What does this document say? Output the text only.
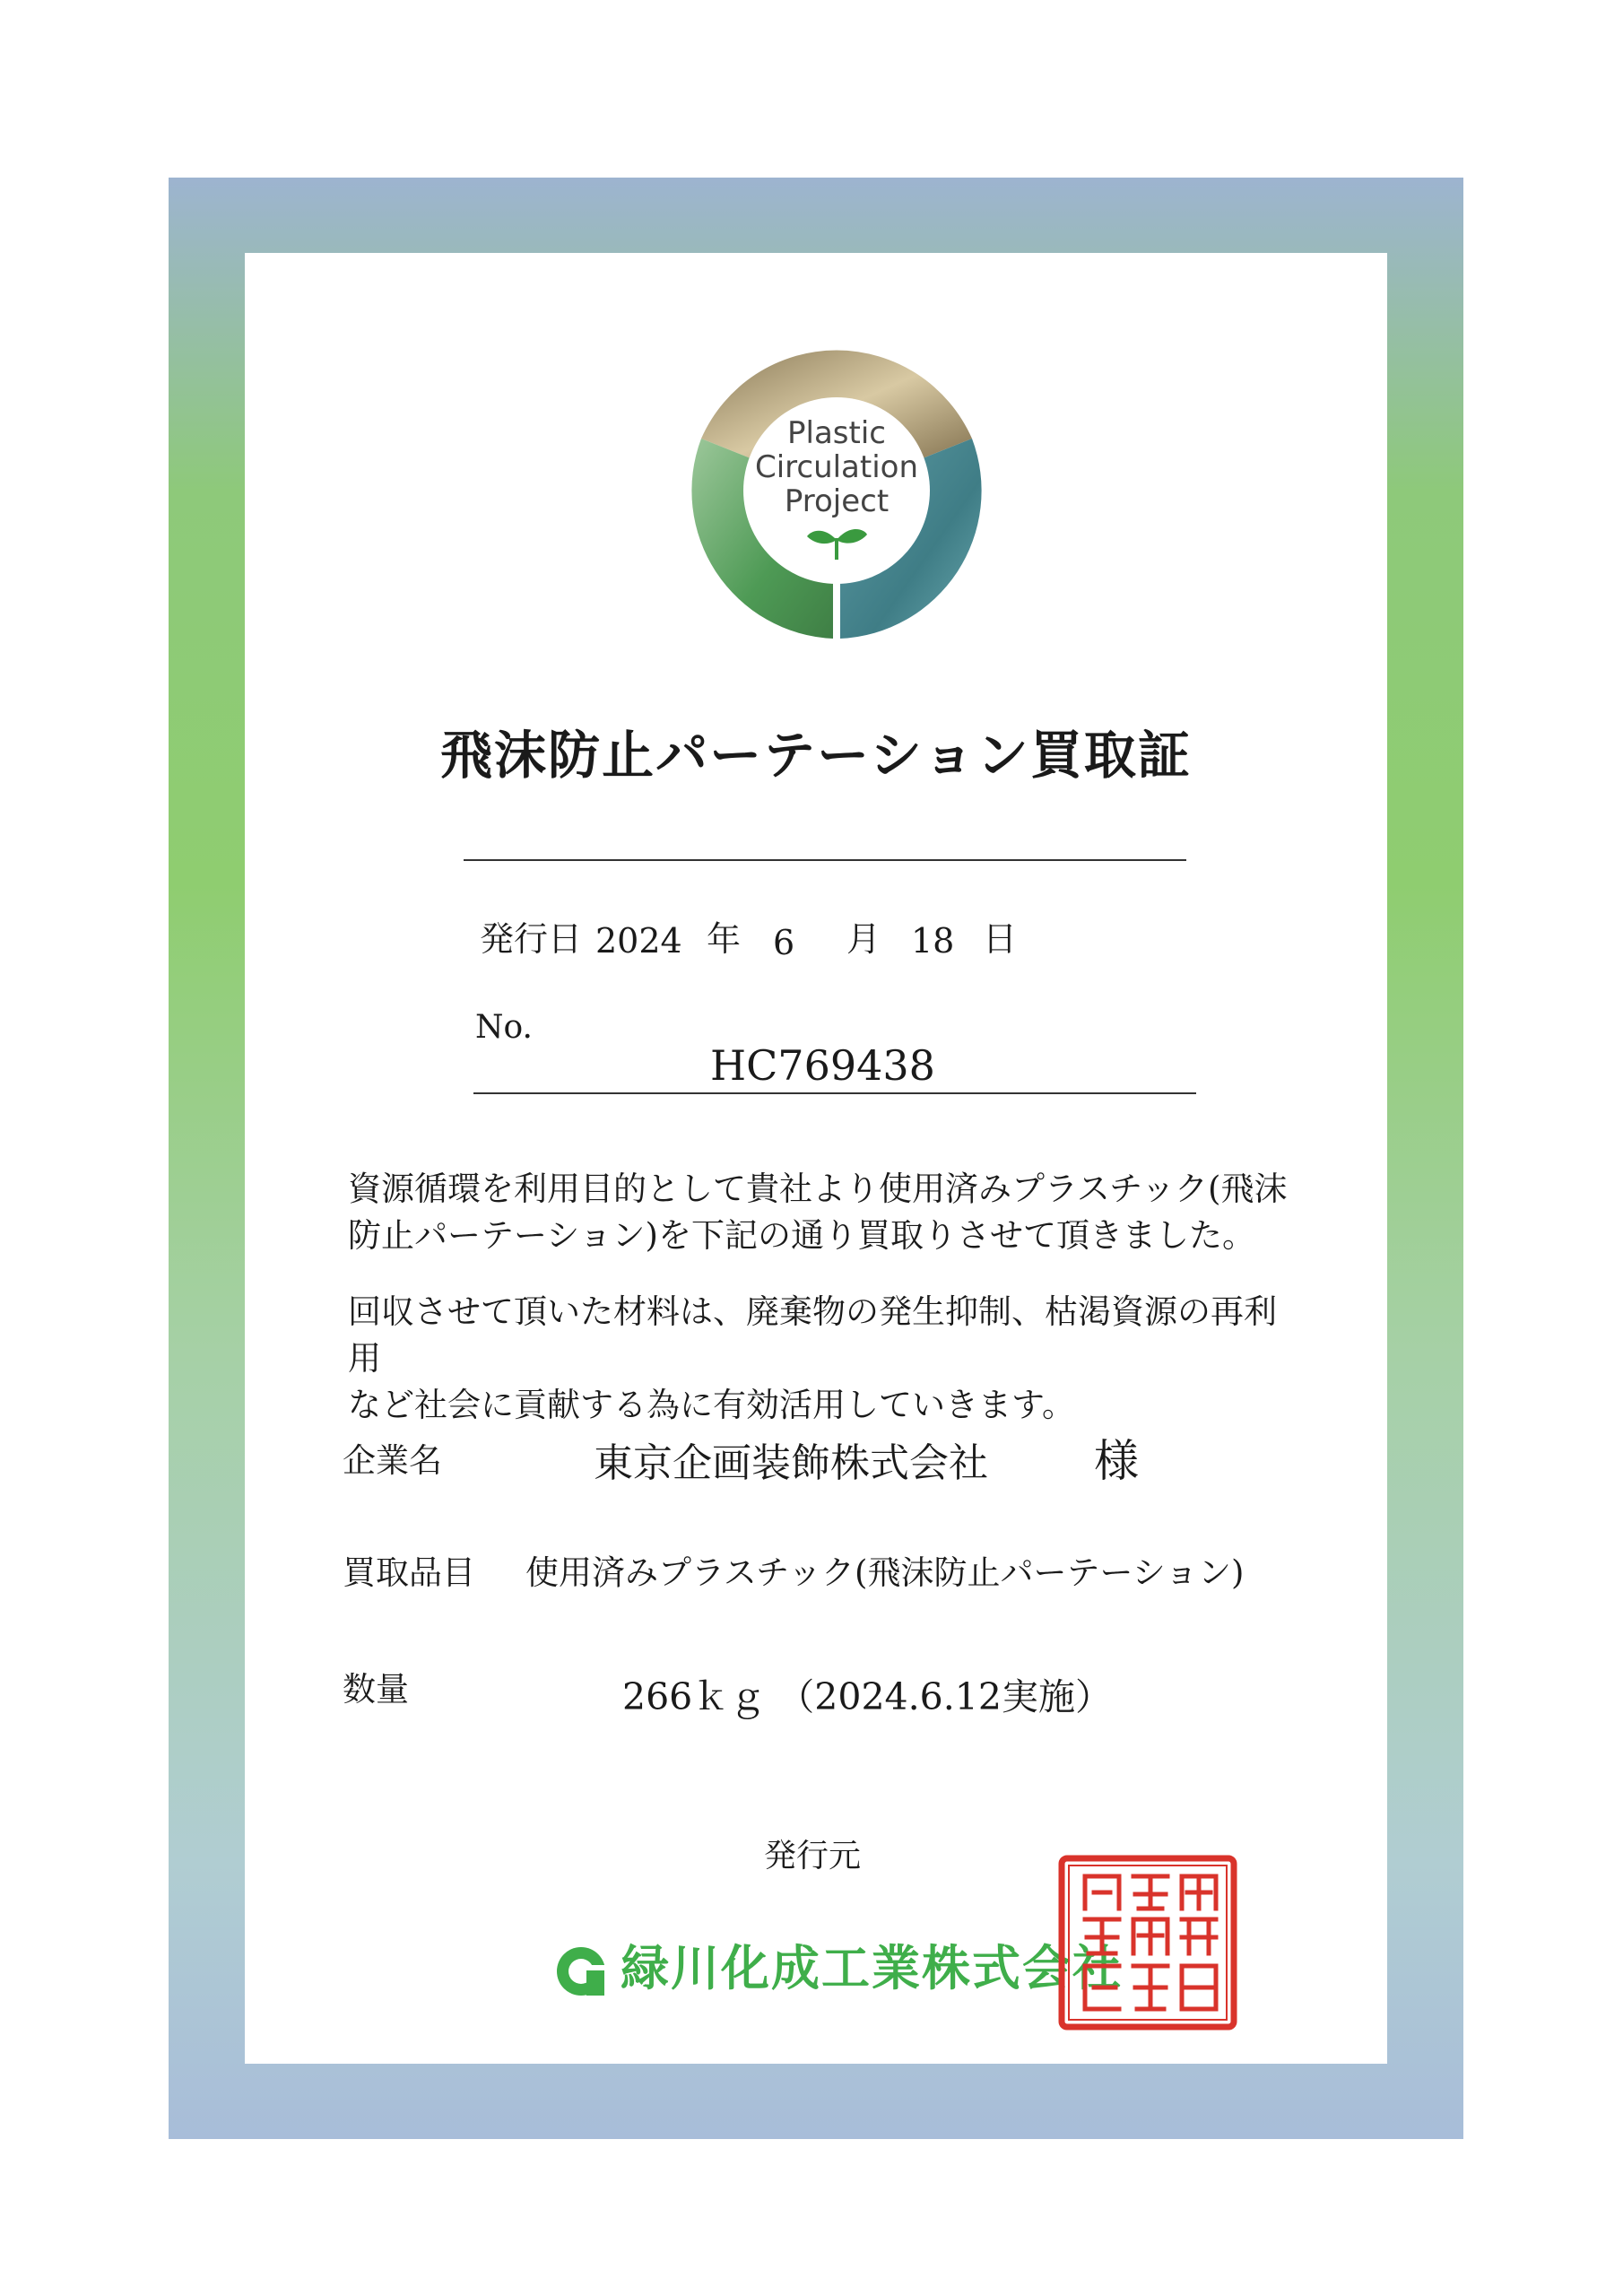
Plastic
Circulation
Project
飛沫防止パーテーション買取証
発行日 2024 年 6 月 18 日
No.
HC769438

資源循環を利用目的として貴社より使用済みプラスチック(飛沫

防止パーテーション)を下記の通り買取りさせて頂きました。

回収させて頂いた材料は、廃棄物の発生抑制、枯渇資源の再利用

など社会に貢献する為に有効活用していきます。

企業名	東京企画装飾株式会社 様
買取品目 使用済みプラスチック(飛沫防止パーテーション)
数量	266ｋｇ （2024.6.12実施）
発行元
緑川化成工業株式会社
